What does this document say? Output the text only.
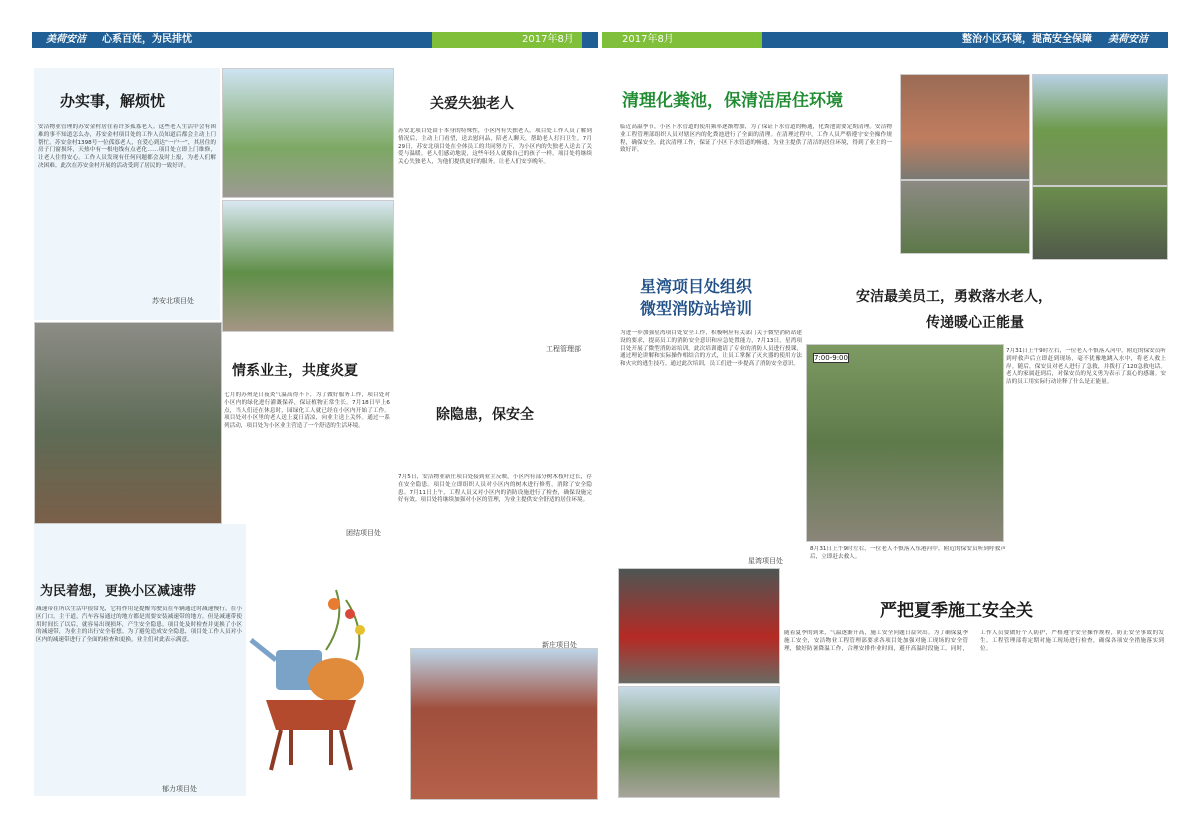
美荷安洁 心系百姓，为民排忧	2017年8月
办实事，解烦忧
安洁物业管理的苏安金村居住着许多孤寡老人。这些老人生活中会有困难的事不知道怎么办，苏安金村项目处的工作人员知道后都会主动上门帮忙。苏安金村1398号一位孤寡老人，在爱心到达“一户一”，其居住的房子门窗损坏，天热中有一根电线有点老化……项目处立即上门维修，让老人住得安心。工作人员发现有任何问题都会及时上报，为老人们解决困难。此次在苏安金村开展的活动受到了居民的一致好评。
苏安北项目处
关爱失独老人
苏安北项目处由于本身的特殊性，小区内有失独老人。项目处工作人员了解到情况后，主动上门看望，送去慰问品，陪老人聊天，帮助老人打扫卫生。7月29日，苏安北项目处在全体员工的共同努力下，为小区内的失独老人送去了关爱与温暖。老人们感动地说，这些年轻人就像自己的孩子一样。项目处将继续关心失独老人，为他们提供更好的服务，让老人们安享晚年。
情系业主，共度炎夏
七月的苏州是日夜炎气温高得不下，为了做好服务工作，项目处对小区内的绿化进行灌溉保养，保证植物正常生长。7月18日早上6点，当人们还在休息时，园绿化工人就已经在小区内开始了工作。项目处对小区里的老人送上夏日清凉，向业主送上关怀。通过一系列活动，项目处为小区业主营造了一个舒适的生活环境。
团结项目处
工程管理部
除隐患，保安全
7月5日，安洁物业新庄项目处接到业主反映，小区内有部分树木枝叶过长，存在安全隐患。项目处立即组织人员对小区内的树木进行修剪，消除了安全隐患。7月11日上午，工程人员又对小区内的消防设施进行了检查，确保设施完好有效。项目处将继续加强对小区的管理，为业主提供安全舒适的居住环境。
新庄项目处
为民着想，更换小区减速带
减速带在所以生活中很常见，它将作用是提醒驾驶员在车辆通过时减速慢行。在小区门口，主干道，汽车容易通过的地方都是需要安装减速带的地方。但是减速带使用时间长了以后，就容易出现损坏，产生安全隐患。项目处及时检查并更换了小区的减速带，为业主的出行安全着想。为了避免造成安全隐患，项目处工作人员对小区内的减速带进行了全面的检查和更换，业主们对此表示满意。
郁力项目处
2017年8月	整治小区环境，提高安全保障 美荷安洁
清理化粪池，保清洁居住环境
临近高温季节，小区下水管道的使用频率逐渐增加，为了保证下水管道的畅通，化粪池需要定期清理。安洁物业工程管理部组织人员对辖区内的化粪池进行了全面的清理。在清理过程中，工作人员严格遵守安全操作规程，确保安全。此次清理工作，保证了小区下水管道的畅通，为业主提供了清洁的居住环境，得到了业主的一致好评。
星湾项目处组织
微型消防站培训
为进一步加强星湾项目处安全工作，积极响应有关部门关于微型消防站建设的要求，提高员工的消防安全意识和应急处置能力，7月13日，星湾项目处开展了微型消防站培训。此次培训邀请了专业的消防人员进行授课，通过理论讲解和实际操作相结合的方式，让员工掌握了灭火器的使用方法和火灾的逃生技巧。通过此次培训，员工们进一步提高了消防安全意识。
星湾项目处
安洁最美员工，勇救落水老人，
传递暖心正能量
7:00-9:00
7月31日上午9时左右，一位老人不慎落入河中，附近的保安员听到呼救声后立即赶到现场，毫不犹豫地跳入水中，将老人救上岸。随后，保安员对老人进行了急救，并拨打了120急救电话。老人的家属赶到后，对保安员的见义勇为表示了衷心的感谢。安洁的员工用实际行动诠释了什么是正能量。
8月31日上午9时左右，一位老人不慎落入东港河中，附近的保安员听到呼救声后，立即赶去救人。
严把夏季施工安全关
随着夏季的到来，气温逐渐升高，施工安全问题日益突出。为了确保夏季施工安全，安洁物业工程管理部要求各项目处加强对施工现场的安全管理，做好防暑降温工作，合理安排作业时间，避开高温时段施工。同时，工作人员要做好个人防护，严格遵守安全操作规程，防止安全事故的发生。工程管理部将定期对施工现场进行检查，确保各项安全措施落实到位。
